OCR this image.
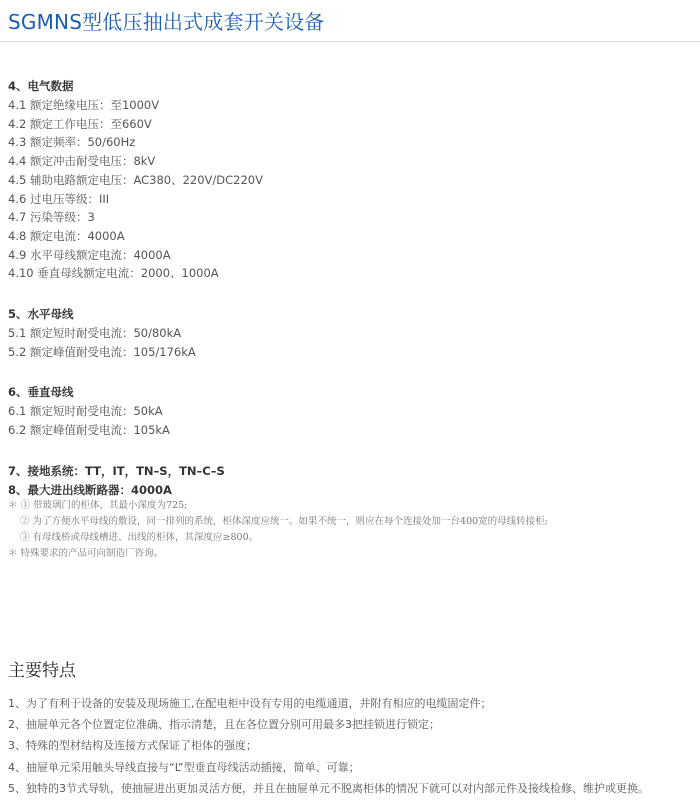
SGMNS型低压抽出式成套开关设备
4、电气数据
4.1 额定绝缘电压：至1000V
4.2 额定工作电压：至660V
4.3 额定频率：50/60Hz
4.4 额定冲击耐受电压：8kV
4.5 辅助电路额定电压：AC380、220V/DC220V
4.6 过电压等级：III
4.7 污染等级：3
4.8 额定电流：4000A
4.9 水平母线额定电流：4000A
4.10 垂直母线额定电流：2000、1000A
5、水平母线
5.1 额定短时耐受电流：50/80kA
5.2 额定峰值耐受电流：105/176kA
6、垂直母线
6.1 额定短时耐受电流：50kA
6.2 额定峰值耐受电流：105kA
7、接地系统：TT，IT，TN–S，TN–C–S
8、最大进出线断路器：4000A
＊ ① 带玻璃门的柜体，其最小深度为725;
② 为了方便水平母线的敷设，同一排列的系统，柜体深度应统一。如果不统一，则应在每个连接处加一台400宽的母线转接柜;
③ 有母线桥或母线槽进、出线的柜体，其深度应≥800。
＊ 特殊要求的产品可向制造厂咨询。
主要特点
1、为了有利于设备的安装及现场施工,在配电柜中设有专用的电缆通道，并附有相应的电缆固定件；
2、抽屉单元各个位置定位准确、指示清楚，且在各位置分别可用最多3把挂锁进行锁定；
3、特殊的型材结构及连接方式保证了柜体的强度；
4、抽屉单元采用触头导线直接与“L”型垂直母线活动插接，简单、可靠；
5、独特的3节式导轨，使抽屉进出更加灵活方便，并且在抽屉单元不脱离柜体的情况下就可以对内部元件及接线检修、维护或更换。
